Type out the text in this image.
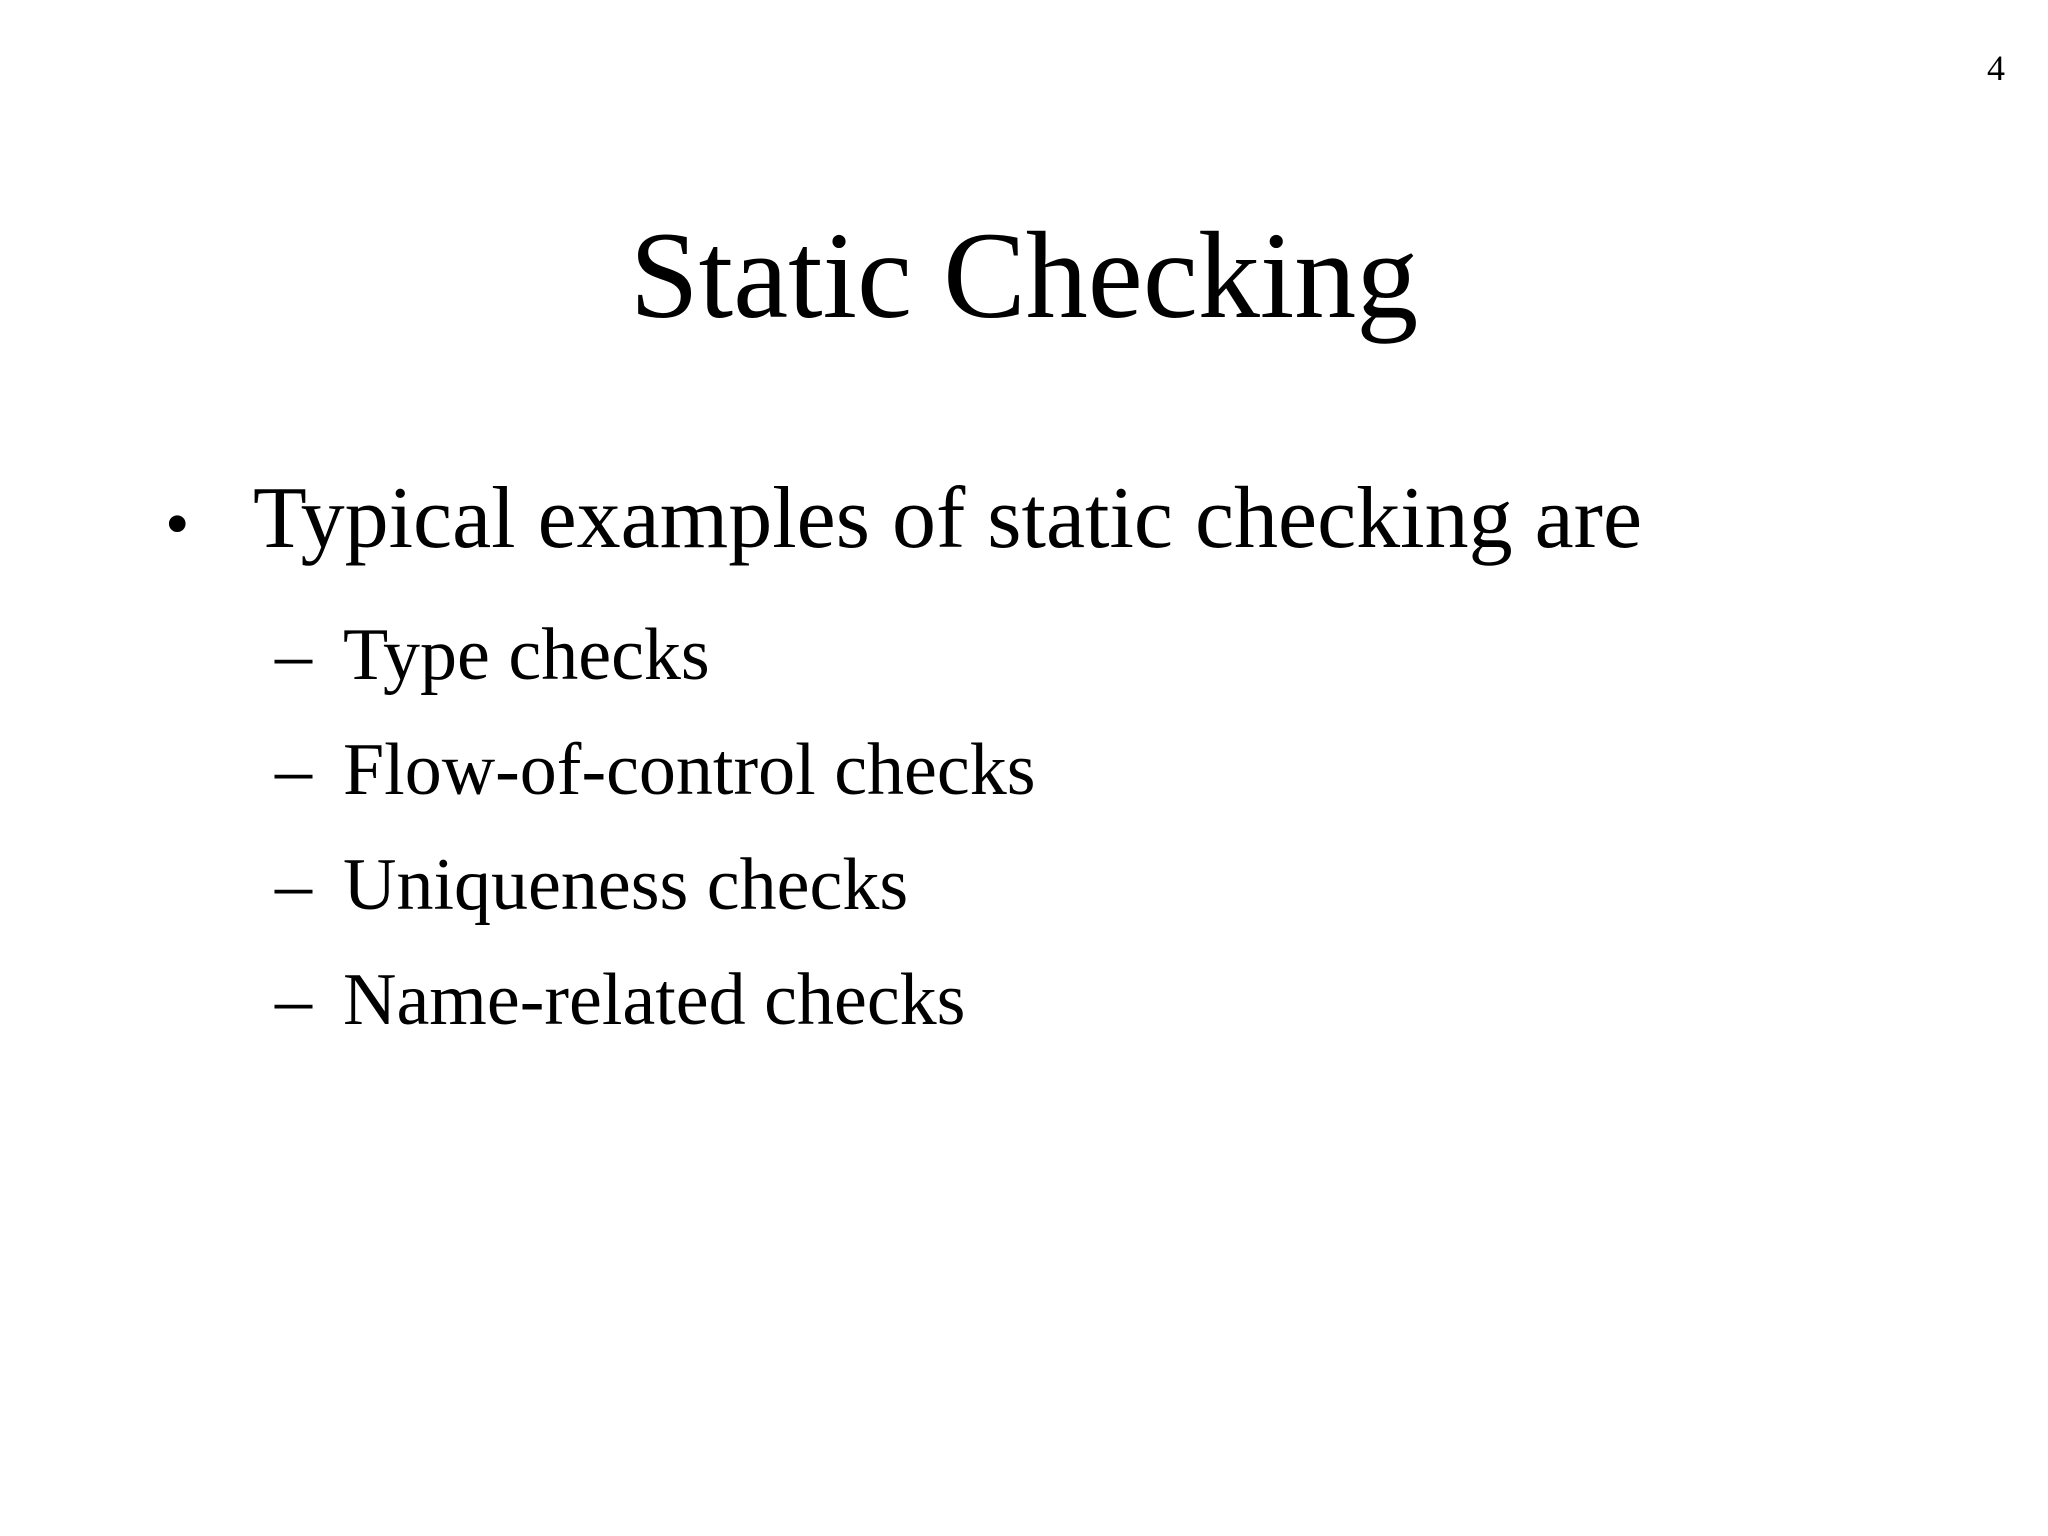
4
Static Checking
• Typical examples of static checking are
– Type checks
– Flow-of-control checks
– Uniqueness checks
– Name-related checks
